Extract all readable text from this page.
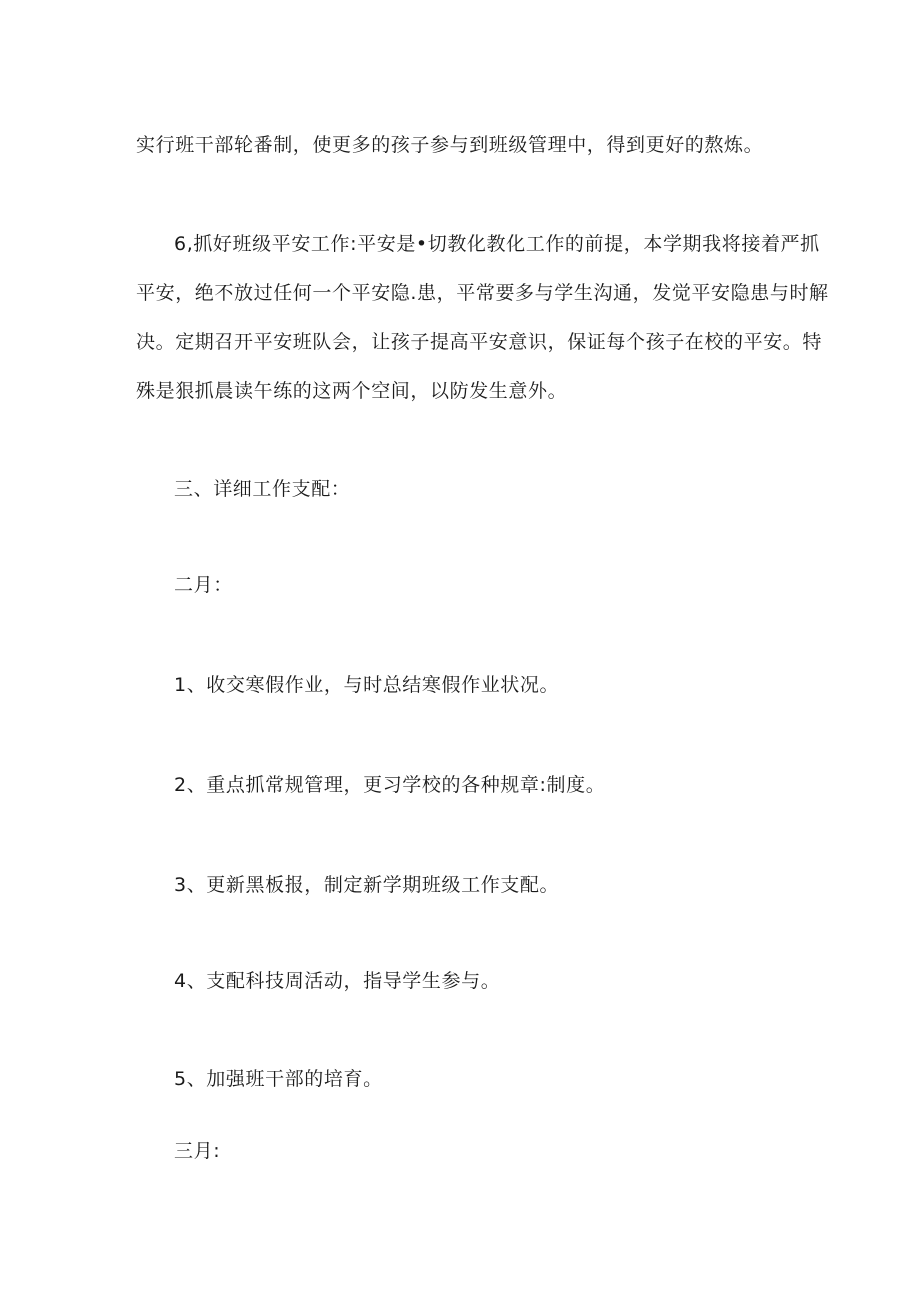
实行班干部轮番制，使更多的孩子参与到班级管理中，得到更好的熬炼。
6,抓好班级平安工作:平安是•切教化教化工作的前提，本学期我将接着严抓
平安，绝不放过任何一个平安隐.患，平常要多与学生沟通，发觉平安隐患与时解
决。定期召开平安班队会，让孩子提高平安意识，保证每个孩子在校的平安。特
殊是狠抓晨读午练的这两个空间，以防发生意外。
三、详细工作支配：
二月：
1、收交寒假作业，与时总结寒假作业状况。
2、重点抓常规管理，更习学校的各种规章:制度。
3、更新黑板报，制定新学期班级工作支配。
4、支配科技周活动，指导学生参与。
5、加强班干部的培育。
三月:
